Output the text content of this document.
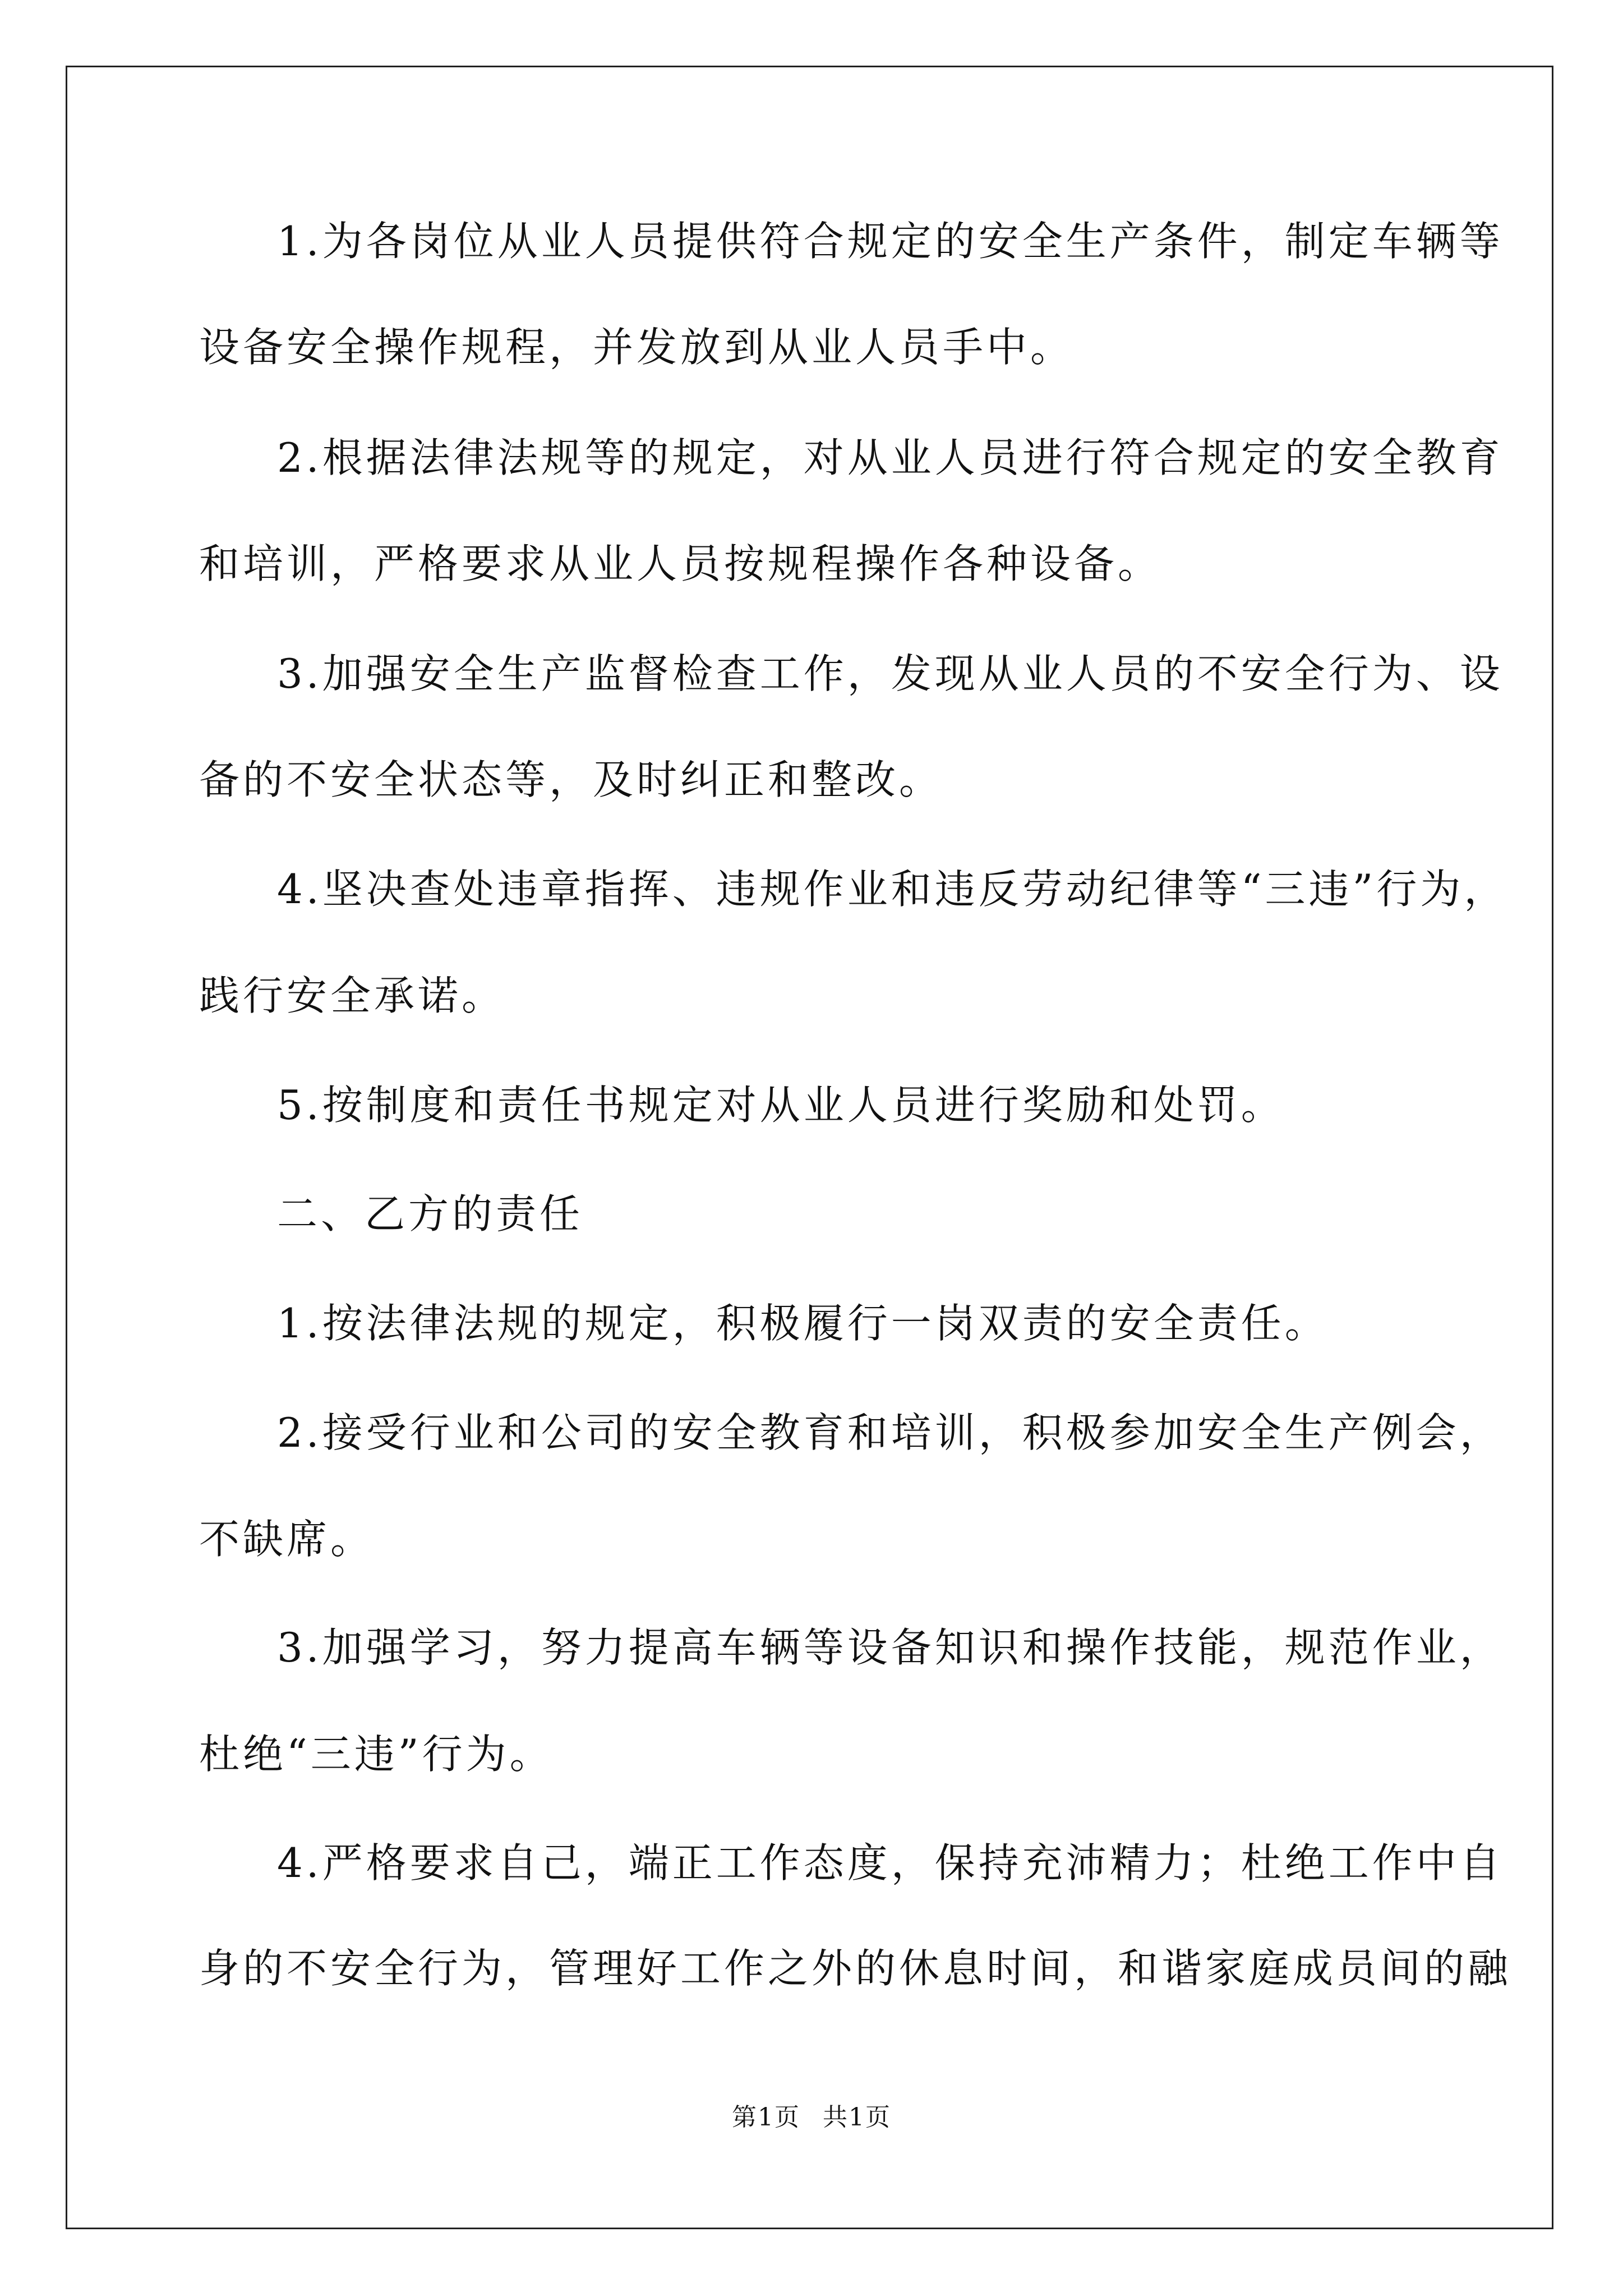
1.为各岗位从业人员提供符合规定的安全生产条件，制定车辆等
设备安全操作规程，并发放到从业人员手中。
2.根据法律法规等的规定，对从业人员进行符合规定的安全教育
和培训，严格要求从业人员按规程操作各种设备。
3.加强安全生产监督检查工作，发现从业人员的不安全行为、设
备的不安全状态等，及时纠正和整改。
4.坚决查处违章指挥、违规作业和违反劳动纪律等“三违”行为，
践行安全承诺。
5.按制度和责任书规定对从业人员进行奖励和处罚。
二、乙方的责任
1.按法律法规的规定，积极履行一岗双责的安全责任。
2.接受行业和公司的安全教育和培训，积极参加安全生产例会，
不缺席。
3.加强学习，努力提高车辆等设备知识和操作技能，规范作业，
杜绝“三违”行为。
4.严格要求自己，端正工作态度，保持充沛精力；杜绝工作中自
身的不安全行为，管理好工作之外的休息时间，和谐家庭成员间的融
第1页 共1页
